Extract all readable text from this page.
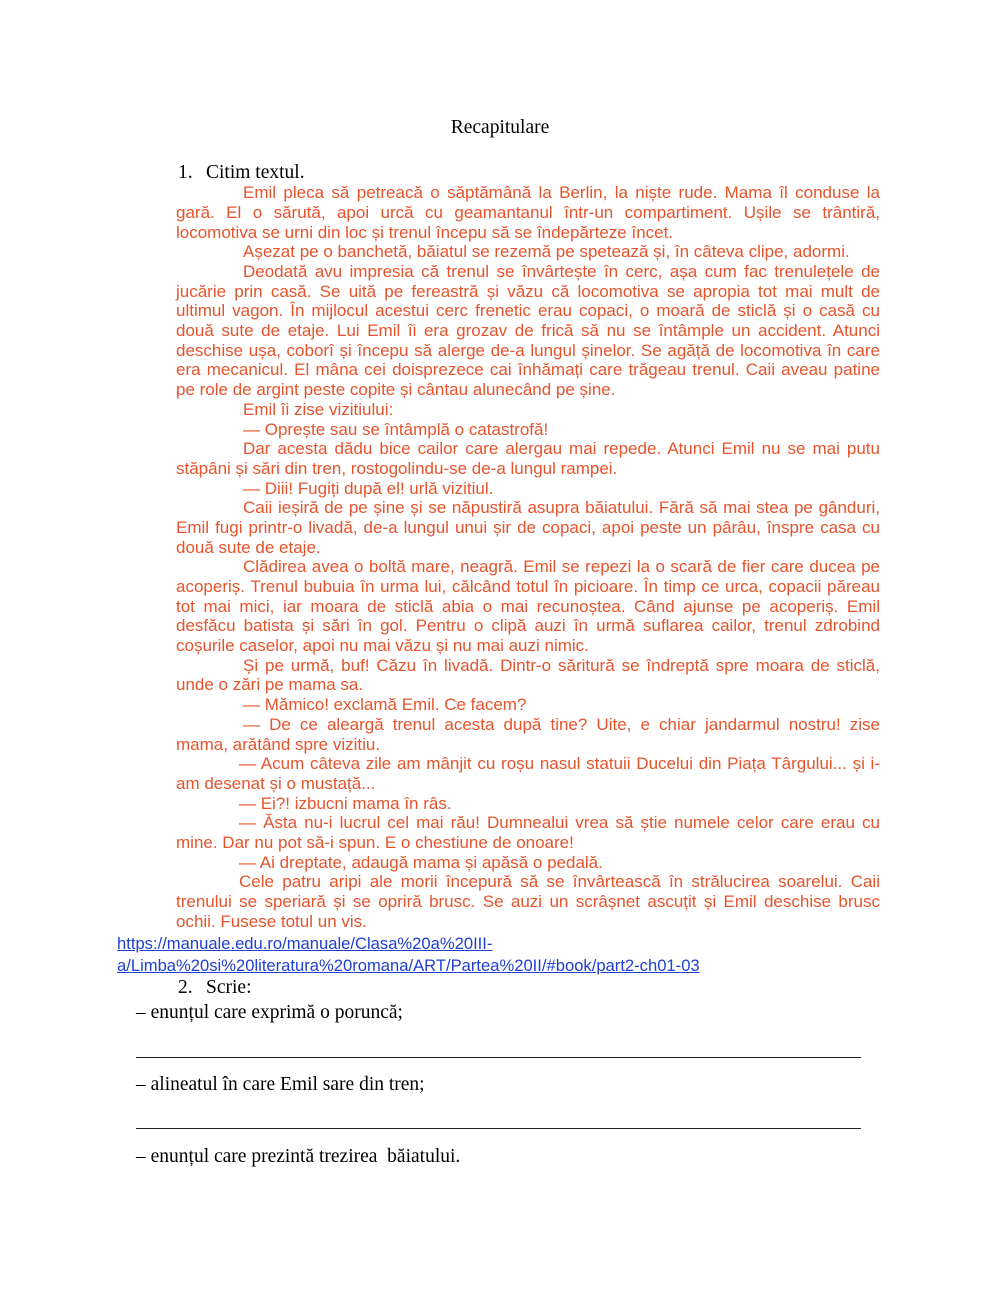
Recapitulare
1. Citim textul.
Emil pleca să petreacă o săptămână la Berlin, la niște rude. Mama îl conduse la
gară. El o sărută, apoi urcă cu geamantanul într-un compartiment. Ușile se trântiră,
locomotiva se urni din loc și trenul începu să se îndepărteze încet.
Așezat pe o banchetă, băiatul se rezemă pe spetează și, în câteva clipe, adormi.
Deodată avu impresia că trenul se învârtește în cerc, așa cum fac trenulețele de
jucărie prin casă. Se uită pe fereastră și văzu că locomotiva se apropia tot mai mult de
ultimul vagon. În mijlocul acestui cerc frenetic erau copaci, o moară de sticlă și o casă cu
două sute de etaje. Lui Emil îi era grozav de frică să nu se întâmple un accident. Atunci
deschise ușa, coborî și începu să alerge de-a lungul șinelor. Se agăță de locomotiva în care
era mecanicul. El mâna cei doisprezece cai înhămați care trăgeau trenul. Caii aveau patine
pe role de argint peste copite și cântau alunecând pe șine.
Emil îi zise vizitiului:
— Oprește sau se întâmplă o catastrofă!
Dar acesta dădu bice cailor care alergau mai repede. Atunci Emil nu se mai putu
stăpâni și sări din tren, rostogolindu-se de-a lungul rampei.
— Diii! Fugiți după el! urlă vizitiul.
Caii ieșiră de pe șine și se năpustiră asupra băiatului. Fără să mai stea pe gânduri,
Emil fugi printr-o livadă, de-a lungul unui șir de copaci, apoi peste un pârâu, înspre casa cu
două sute de etaje.
Clădirea avea o boltă mare, neagră. Emil se repezi la o scară de fier care ducea pe
acoperiș. Trenul bubuia în urma lui, călcând totul în picioare. În timp ce urca, copacii păreau
tot mai mici, iar moara de sticlă abia o mai recunoștea. Când ajunse pe acoperiș. Emil
desfăcu batista și sări în gol. Pentru o clipă auzi în urmă suflarea cailor, trenul zdrobind
coșurile caselor, apoi nu mai văzu și nu mai auzi nimic.
Și pe urmă, buf! Căzu în livadă. Dintr-o săritură se îndreptă spre moara de sticlă,
unde o zări pe mama sa.
— Mămico! exclamă Emil. Ce facem?
— De ce aleargă trenul acesta după tine? Uite, e chiar jandarmul nostru! zise
mama, arătând spre vizitiu.
— Acum câteva zile am mânjit cu roșu nasul statuii Ducelui din Piața Târgului... și i-
am desenat și o mustață...
— Ei?! izbucni mama în râs.
— Ăsta nu-i lucrul cel mai rău! Dumnealui vrea să știe numele celor care erau cu
mine. Dar nu pot să-i spun. E o chestiune de onoare!
— Ai dreptate, adaugă mama și apăsă o pedală.
Cele patru aripi ale morii începură să se învârtească în strălucirea soarelui. Caii
trenului se speriară și se opriră brusc. Se auzi un scrâșnet ascuțit și Emil deschise brusc
ochii. Fusese totul un vis.
https://manuale.edu.ro/manuale/Clasa%20a%20III-
a/Limba%20si%20literatura%20romana/ART/Partea%20II/#book/part2-ch01-03
2. Scrie:
– enunțul care exprimă o poruncă;
– alineatul în care Emil sare din tren;
– enunțul care prezintă trezirea  băiatului.
